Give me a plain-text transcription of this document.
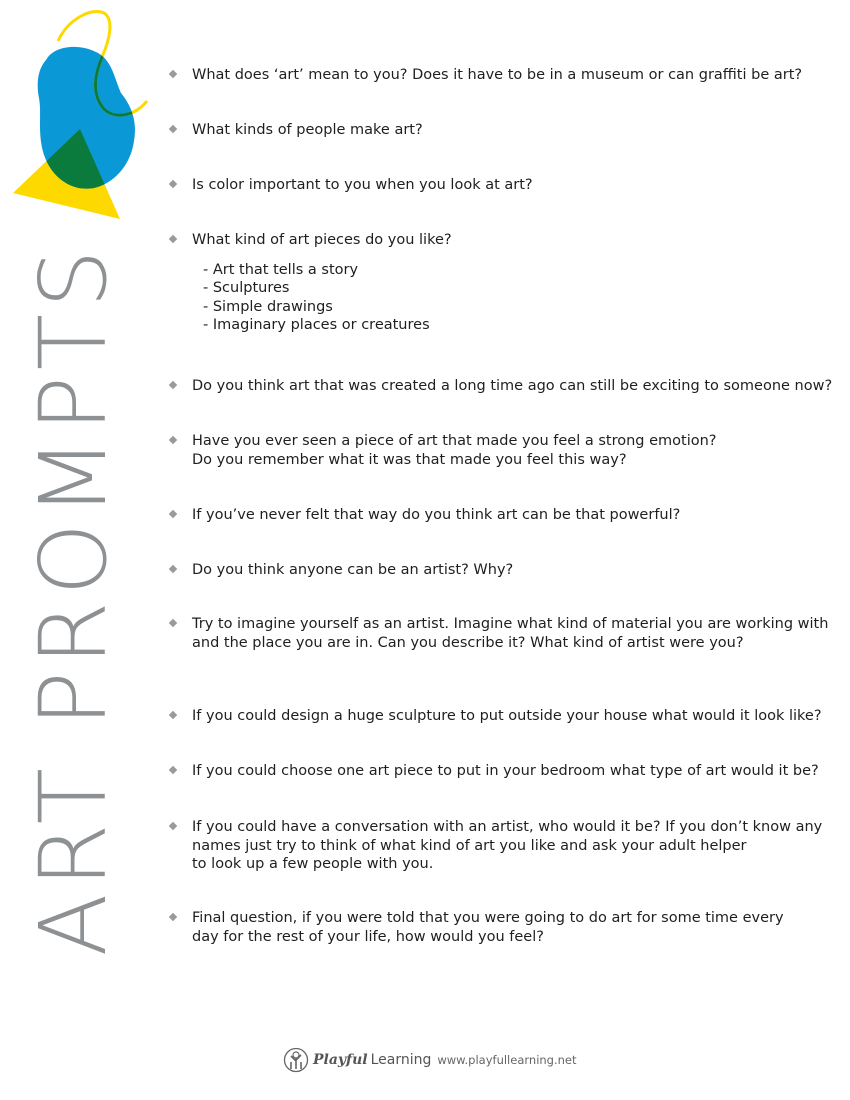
ART PROMPTS
What does ‘art’ mean to you? Does it have to be in a museum or can graffiti be art?
What kinds of people make art?
Is color important to you when you look at art?
What kind of art pieces do you like?
- Art that tells a story
- Sculptures
- Simple drawings
- Imaginary places or creatures
Do you think art that was created a long time ago can still be exciting to someone now?
Have you ever seen a piece of art that made you feel a strong emotion?
Do you remember what it was that made you feel this way?
If you’ve never felt that way do you think art can be that powerful?
Do you think anyone can be an artist? Why?
Try to imagine yourself as an artist. Imagine what kind of material you are working with
and the place you are in. Can you describe it? What kind of artist were you?
If you could design a huge sculpture to put outside your house what would it look like?
If you could choose one art piece to put in your bedroom what type of art would it be?
If you could have a conversation with an artist, who would it be? If you don’t know any
names just try to think of what kind of art you like and ask your adult helper
to look up a few people with you.
Final question, if you were told that you were going to do art for some time every
day for the rest of your life, how would you feel?
Playful Learning www.playfullearning.net
